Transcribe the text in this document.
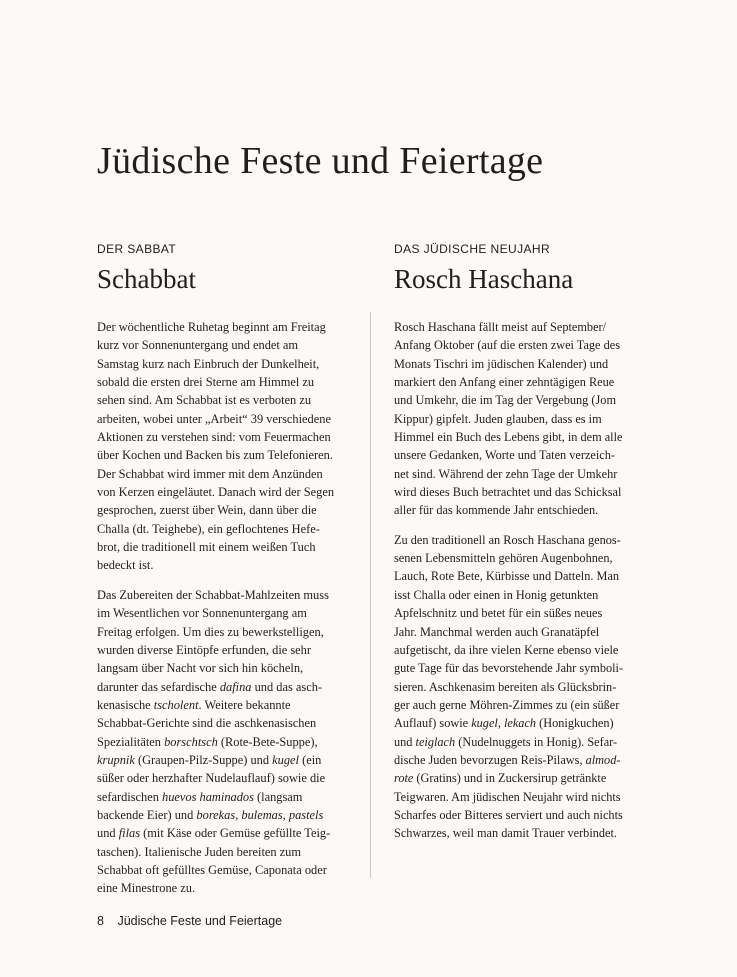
Jüdische Feste und Feiertage
DER SABBAT
Schabbat
Der wöchentliche Ruhetag beginnt am Freitag
kurz vor Sonnenuntergang und endet am
Samstag kurz nach Einbruch der Dunkelheit,
sobald die ersten drei Sterne am Himmel zu
sehen sind. Am Schabbat ist es verboten zu
arbeiten, wobei unter „Arbeit“ 39 verschiedene
Aktionen zu verstehen sind: vom Feuermachen
über Kochen und Backen bis zum Telefonieren.
Der Schabbat wird immer mit dem Anzünden
von Kerzen eingeläutet. Danach wird der Segen
gesprochen, zuerst über Wein, dann über die
Challa (dt. Teighebe), ein geflochtenes Hefe-
brot, die traditionell mit einem weißen Tuch
bedeckt ist.
Das Zubereiten der Schabbat-Mahlzeiten muss
im Wesentlichen vor Sonnenuntergang am
Freitag erfolgen. Um dies zu bewerkstelligen,
wurden diverse Eintöpfe erfunden, die sehr
langsam über Nacht vor sich hin köcheln,
darunter das sefardische dafina und das asch-
kenasische tscholent. Weitere bekannte
Schabbat-Gerichte sind die aschkenasischen
Spezialitäten borschtsch (Rote-Bete-Suppe),
krupnik (Graupen-Pilz-Suppe) und kugel (ein
süßer oder herzhafter Nudelauflauf) sowie die
sefardischen huevos haminados (langsam
backende Eier) und borekas, bulemas, pastels
und filas (mit Käse oder Gemüse gefüllte Teig-
taschen). Italienische Juden bereiten zum
Schabbat oft gefülltes Gemüse, Caponata oder
eine Minestrone zu.
DAS JÜDISCHE NEUJAHR
Rosch Haschana
Rosch Haschana fällt meist auf September/
Anfang Oktober (auf die ersten zwei Tage des
Monats Tischri im jüdischen Kalender) und
markiert den Anfang einer zehntägigen Reue
und Umkehr, die im Tag der Vergebung (Jom
Kippur) gipfelt. Juden glauben, dass es im
Himmel ein Buch des Lebens gibt, in dem alle
unsere Gedanken, Worte und Taten verzeich-
net sind. Während der zehn Tage der Umkehr
wird dieses Buch betrachtet und das Schicksal
aller für das kommende Jahr entschieden.
Zu den traditionell an Rosch Haschana genos-
senen Lebensmitteln gehören Augenbohnen,
Lauch, Rote Bete, Kürbisse und Datteln. Man
isst Challa oder einen in Honig getunkten
Apfelschnitz und betet für ein süßes neues
Jahr. Manchmal werden auch Granatäpfel
aufgetischt, da ihre vielen Kerne ebenso viele
gute Tage für das bevorstehende Jahr symboli-
sieren. Aschkenasim bereiten als Glücksbrin-
ger auch gerne Möhren-Zimmes zu (ein süßer
Auflauf) sowie kugel, lekach (Honigkuchen)
und teiglach (Nudelnuggets in Honig). Sefar-
dische Juden bevorzugen Reis-Pilaws, almod-
rote (Gratins) und in Zuckersirup getränkte
Teigwaren. Am jüdischen Neujahr wird nichts
Scharfes oder Bitteres serviert und auch nichts
Schwarzes, weil man damit Trauer verbindet.
8 Jüdische Feste und Feiertage
